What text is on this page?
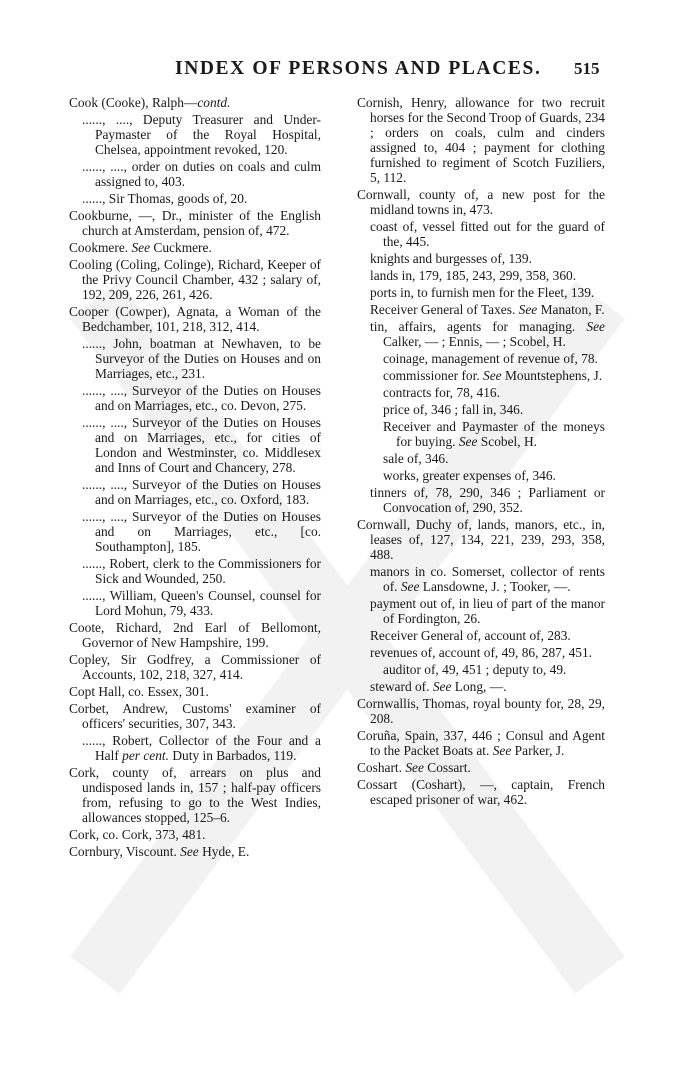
INDEX OF PERSONS AND PLACES. 515
Cook (Cooke), Ralph—contd.
......, ...., Deputy Treasurer and Under-Paymaster of the Royal Hospital, Chelsea, appointment revoked, 120.
......, ...., order on duties on coals and culm assigned to, 403.
......, Sir Thomas, goods of, 20.
Cookburne, —, Dr., minister of the English church at Amsterdam, pension of, 472.
Cookmere. See Cuckmere.
Cooling (Coling, Colinge), Richard, Keeper of the Privy Council Chamber, 432 ; salary of, 192, 209, 226, 261, 426.
Cooper (Cowper), Agnata, a Woman of the Bedchamber, 101, 218, 312, 414.
......, John, boatman at Newhaven, to be Surveyor of the Duties on Houses and on Marriages, etc., 231.
......, ...., Surveyor of the Duties on Houses and on Marriages, etc., co. Devon, 275.
......, ...., Surveyor of the Duties on Houses and on Marriages, etc., for cities of London and Westminster, co. Middlesex and Inns of Court and Chancery, 278.
......, ...., Surveyor of the Duties on Houses and on Marriages, etc., co. Oxford, 183.
......, ...., Surveyor of the Duties on Houses and on Marriages, etc., [co. Southampton], 185.
......, Robert, clerk to the Commissioners for Sick and Wounded, 250.
......, William, Queen's Counsel, counsel for Lord Mohun, 79, 433.
Coote, Richard, 2nd Earl of Bellomont, Governor of New Hampshire, 199.
Copley, Sir Godfrey, a Commissioner of Accounts, 102, 218, 327, 414.
Copt Hall, co. Essex, 301.
Corbet, Andrew, Customs' examiner of officers' securities, 307, 343.
......, Robert, Collector of the Four and a Half per cent. Duty in Barbados, 119.
Cork, county of, arrears on plus and undisposed lands in, 157 ; half-pay officers from, refusing to go to the West Indies, allowances stopped, 125–6.
Cork, co. Cork, 373, 481.
Cornbury, Viscount. See Hyde, E.
Cornish, Henry, allowance for two recruit horses for the Second Troop of Guards, 234 ; orders on coals, culm and cinders assigned to, 404 ; payment for clothing furnished to regiment of Scotch Fuziliers, 5, 112.
Cornwall, county of, a new post for the midland towns in, 473.
coast of, vessel fitted out for the guard of the, 445.
knights and burgesses of, 139.
lands in, 179, 185, 243, 299, 358, 360.
ports in, to furnish men for the Fleet, 139.
Receiver General of Taxes. See Manaton, F.
tin, affairs, agents for managing. See Calker, — ; Ennis, — ; Scobel, H.
coinage, management of revenue of, 78.
commissioner for. See Mountstephens, J.
contracts for, 78, 416.
price of, 346 ; fall in, 346.
Receiver and Paymaster of the moneys for buying. See Scobel, H.
sale of, 346.
works, greater expenses of, 346.
tinners of, 78, 290, 346 ; Parliament or Convocation of, 290, 352.
Cornwall, Duchy of, lands, manors, etc., in, leases of, 127, 134, 221, 239, 293, 358, 488.
manors in co. Somerset, collector of rents of. See Lansdowne, J. ; Tooker, —.
payment out of, in lieu of part of the manor of Fordington, 26.
Receiver General of, account of, 283.
revenues of, account of, 49, 86, 287, 451.
auditor of, 49, 451 ; deputy to, 49.
steward of. See Long, —.
Cornwallis, Thomas, royal bounty for, 28, 29, 208.
Coruña, Spain, 337, 446 ; Consul and Agent to the Packet Boats at. See Parker, J.
Coshart. See Cossart.
Cossart (Coshart), —, captain, French escaped prisoner of war, 462.
